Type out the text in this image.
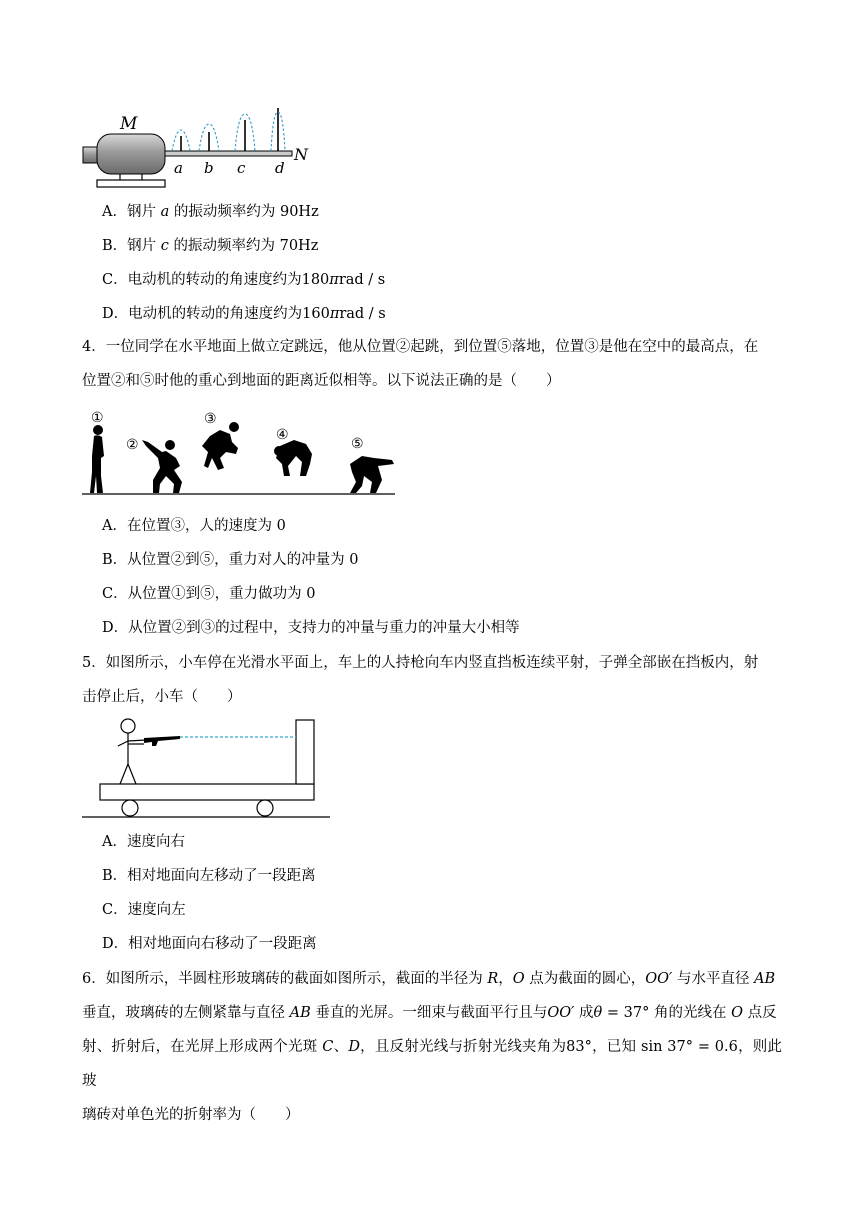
M
N
a b c d
A．钢片 a 的振动频率约为 90Hz
B．钢片 c 的振动频率约为 70Hz
C．电动机的转动的角速度约为180πrad / s
D．电动机的转动的角速度约为160πrad / s
4．一位同学在水平地面上做立定跳远，他从位置②起跳，到位置⑤落地，位置③是他在空中的最高点，在
位置②和⑤时他的重心到地面的距离近似相等。以下说法正确的是（　　）
①
②
③
④
⑤
A．在位置③，人的速度为 0
B．从位置②到⑤，重力对人的冲量为 0
C．从位置①到⑤，重力做功为 0
D．从位置②到③的过程中，支持力的冲量与重力的冲量大小相等
5．如图所示，小车停在光滑水平面上，车上的人持枪向车内竖直挡板连续平射，子弹全部嵌在挡板内，射
击停止后，小车（　　）
A．速度向右
B．相对地面向左移动了一段距离
C．速度向左
D．相对地面向右移动了一段距离
6．如图所示，半圆柱形玻璃砖的截面如图所示，截面的半径为 R，O 点为截面的圆心，OO′ 与水平直径 AB
垂直，玻璃砖的左侧紧靠与直径 AB 垂直的光屏。一细束与截面平行且与OO′ 成θ = 37° 角的光线在 O 点反
射、折射后，在光屏上形成两个光斑 C、D，且反射光线与折射光线夹角为83°，已知 sin 37° = 0.6，则此玻
璃砖对单色光的折射率为（　　）
